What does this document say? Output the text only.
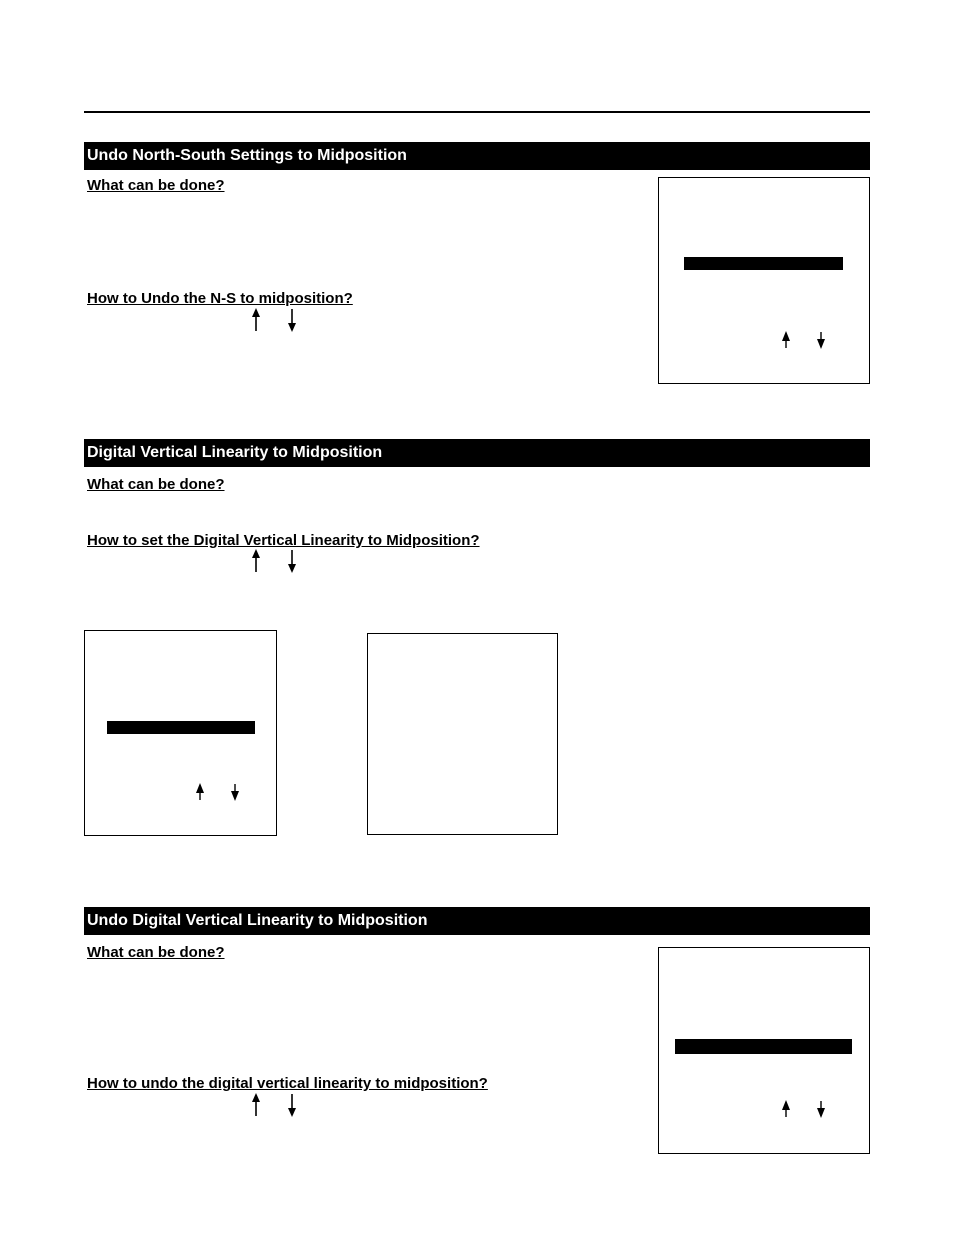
Undo North-South Settings to Midposition
What can be done?
How to Undo the N-S to midposition?
Digital Vertical Linearity to Midposition
What can be done?
How to set the Digital Vertical Linearity to Midposition?
Undo Digital Vertical Linearity to Midposition
What can be done?
How to undo the digital vertical linearity to midposition?
